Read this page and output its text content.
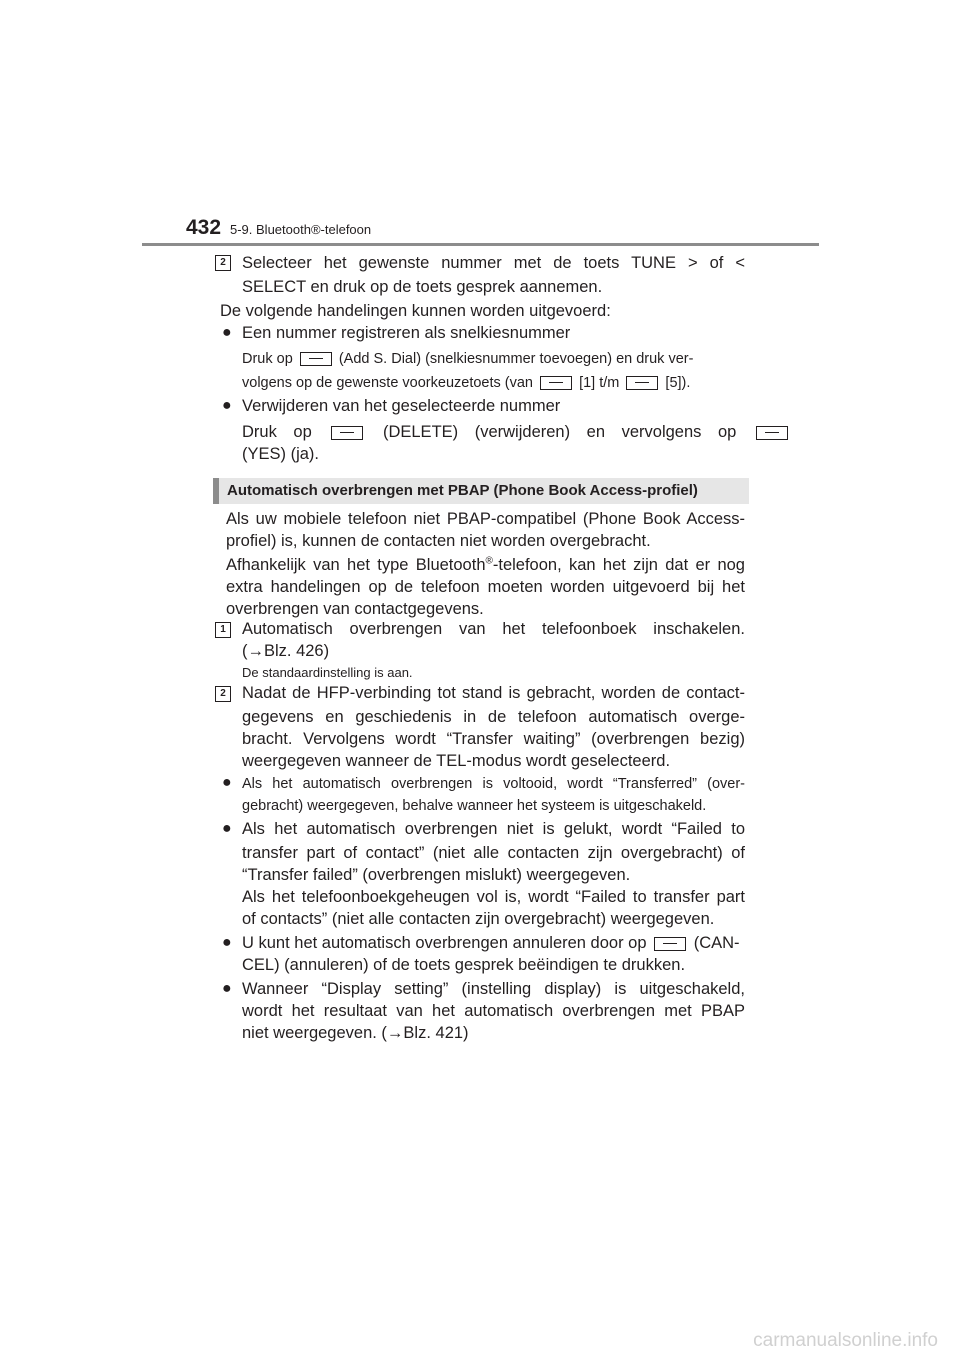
432 5-9. Bluetooth®-telefoon
2 Selecteer het gewenste nummer met de toets TUNE > of <
SELECT en druk op de toets gesprek aannemen.
De volgende handelingen kunnen worden uitgevoerd:
● Een nummer registreren als snelkiesnummer
Druk op	(Add S. Dial) (snelkiesnummer toevoegen) en druk ver-
volgens op de gewenste voorkeuzetoets (van	[1] t/m	[5]).
● Verwijderen van het geselecteerde nummer
Druk op	(DELETE) (verwijderen) en vervolgens op
(YES) (ja).
Automatisch overbrengen met PBAP (Phone Book Access-profiel)
Als uw mobiele telefoon niet PBAP-compatibel (Phone Book Access-
profiel) is, kunnen de contacten niet worden overgebracht.
Afhankelijk van het type Bluetooth®-telefoon, kan het zijn dat er nog
extra handelingen op de telefoon moeten worden uitgevoerd bij het
overbrengen van contactgegevens.
1 Automatisch overbrengen van het telefoonboek inschakelen.
(→Blz. 426)
De standaardinstelling is aan.
2 Nadat de HFP-verbinding tot stand is gebracht, worden de contact-
gegevens en geschiedenis in de telefoon automatisch overge-
bracht. Vervolgens wordt “Transfer waiting” (overbrengen bezig)
weergegeven wanneer de TEL-modus wordt geselecteerd.
● Als het automatisch overbrengen is voltooid, wordt “Transferred” (over-
gebracht) weergegeven, behalve wanneer het systeem is uitgeschakeld.
● Als het automatisch overbrengen niet is gelukt, wordt “Failed to
transfer part of contact” (niet alle contacten zijn overgebracht) of
“Transfer failed” (overbrengen mislukt) weergegeven.
Als het telefoonboekgeheugen vol is, wordt “Failed to transfer part
of contacts” (niet alle contacten zijn overgebracht) weergegeven.
● U kunt het automatisch overbrengen annuleren door op	(CAN-
CEL) (annuleren) of de toets gesprek beëindigen te drukken.
● Wanneer “Display setting” (instelling display) is uitgeschakeld,
wordt het resultaat van het automatisch overbrengen met PBAP
niet weergegeven. (→Blz. 421)
carmanualsonline.info
